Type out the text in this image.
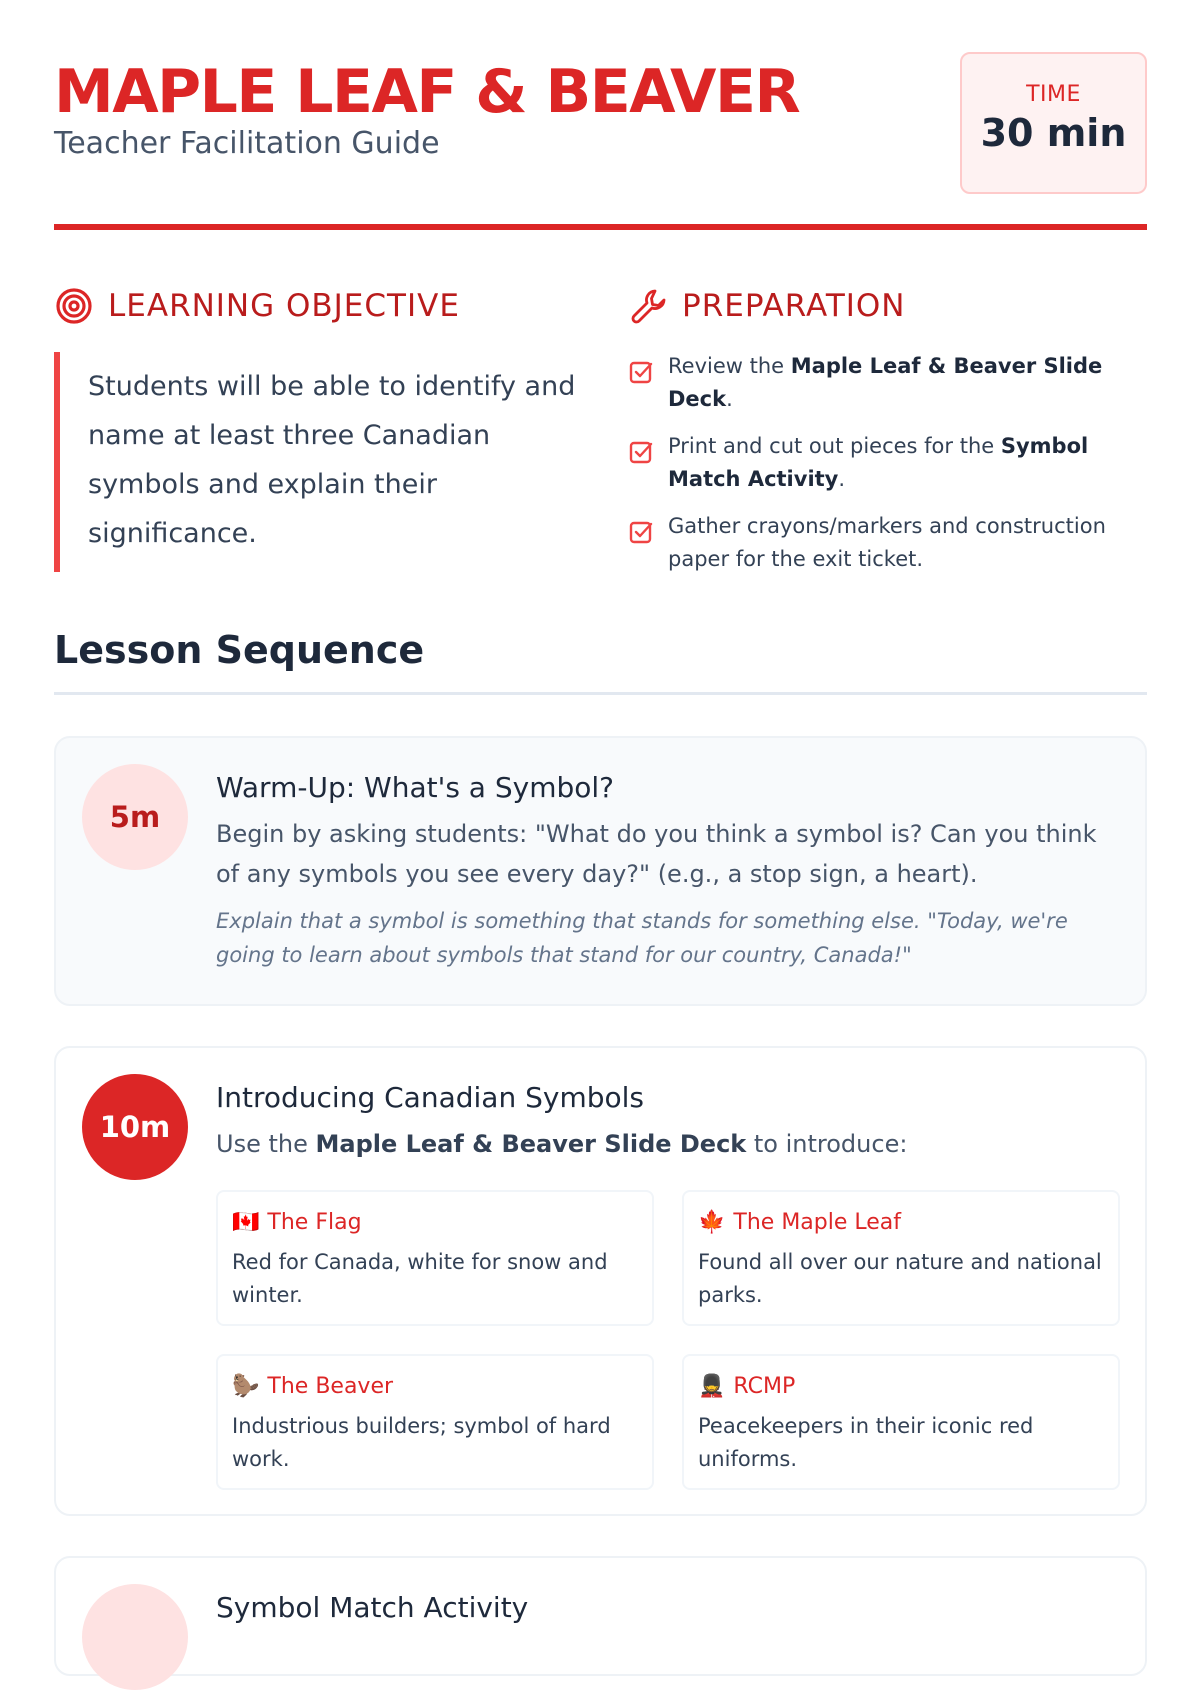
MAPLE LEAF & BEAVER
Teacher Facilitation Guide
TIME
30 min
LEARNING OBJECTIVE

Students will be able to identify and name at least three Canadian symbols and explain their significance.

PREPARATION
Review the Maple Leaf & Beaver Slide Deck.
Print and cut out pieces for the Symbol Match Activity.
Gather crayons/markers and construction paper for the exit ticket.
Lesson Sequence
5m
Warm-Up: What's a Symbol?
Begin by asking students: "What do you think a symbol is? Can you think of any symbols you see every day?" (e.g., a stop sign, a heart).
Explain that a symbol is something that stands for something else. "Today, we're going to learn about symbols that stand for our country, Canada!"
10m
Introducing Canadian Symbols
Use the Maple Leaf & Beaver Slide Deck to introduce:
🇨🇦 The Flag
Red for Canada, white for snow and winter.
🍁 The Maple Leaf
Found all over our nature and national parks.
🦫 The Beaver
Industrious builders; symbol of hard work.
💂 RCMP
Peacekeepers in their iconic red uniforms.
Symbol Match Activity
